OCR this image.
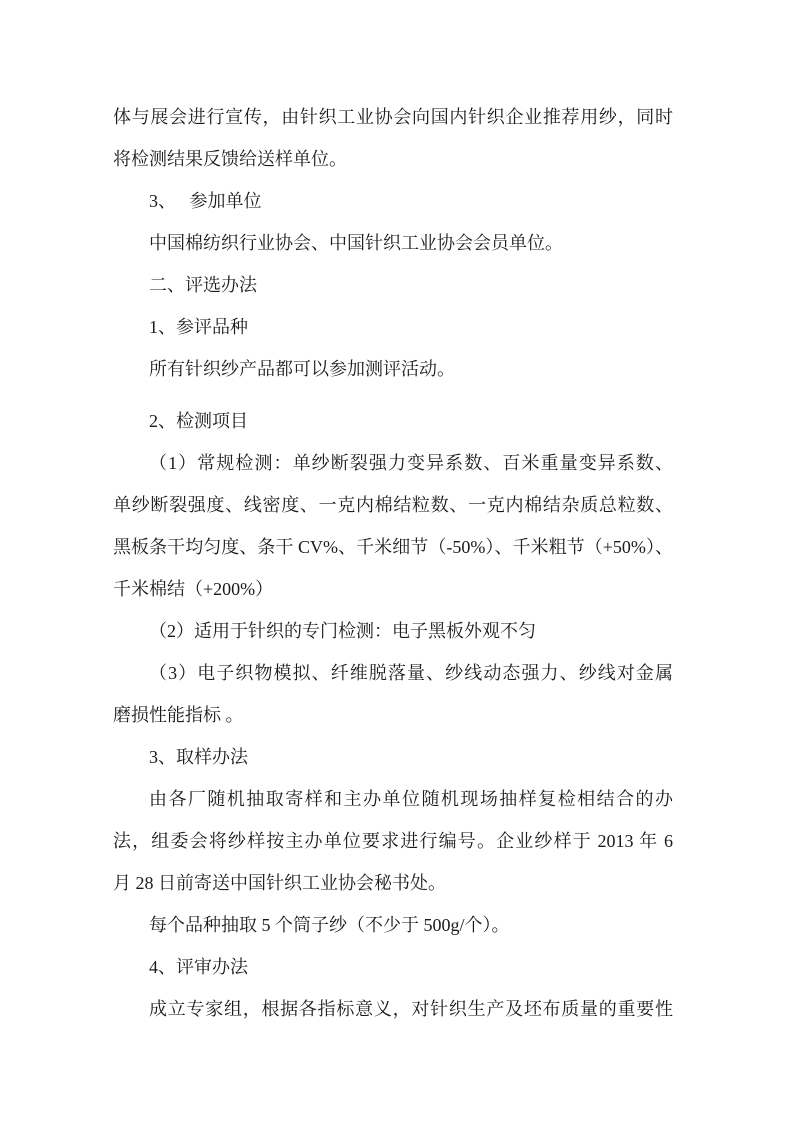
体与展会进行宣传，由针织工业协会向国内针织企业推荐用纱，同时
将检测结果反馈给送样单位。
3、　 参加单位
中国棉纺织行业协会、中国针织工业协会会员单位。
二、评选办法
1、参评品种
所有针织纱产品都可以参加测评活动。
2、检测项目
（1）常规检测：单纱断裂强力变异系数、百米重量变异系数、
单纱断裂强度、线密度、一克内棉结粒数、一克内棉结杂质总粒数、
黑板条干均匀度、条干 CV%、千米细节（-50%）、千米粗节（+50%）、
千米棉结（+200%）
（2）适用于针织的专门检测：电子黑板外观不匀
（3）电子织物模拟、纤维脱落量、纱线动态强力、纱线对金属
磨损性能指标 。
3、取样办法
由各厂随机抽取寄样和主办单位随机现场抽样复检相结合的办
法，组委会将纱样按主办单位要求进行编号。企业纱样于 2013 年 6
月 28 日前寄送中国针织工业协会秘书处。
每个品种抽取 5 个筒子纱（不少于 500g/个）。
4、评审办法
成立专家组，根据各指标意义，对针织生产及坯布质量的重要性
